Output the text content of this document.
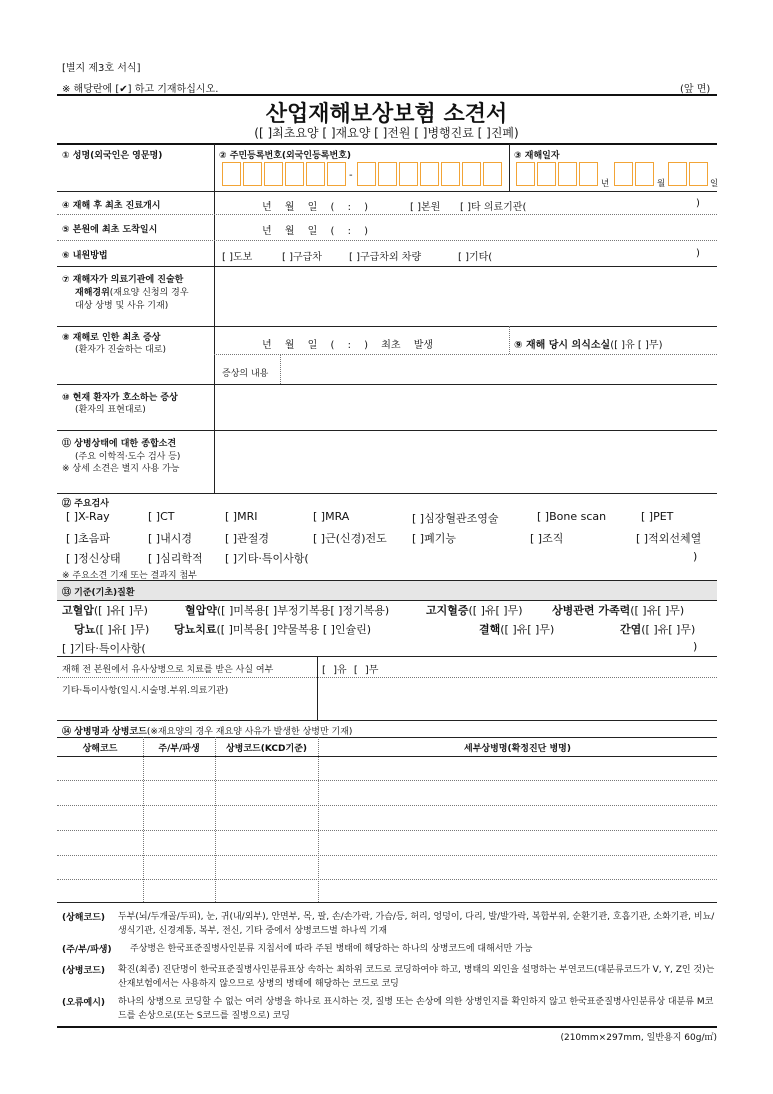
[별지 제3호 서식]
※ 해당란에 [✔] 하고 기재하십시오.	(앞 면)
산업재해보상보험 소견서
([ ]최초요양 [ ]재요양 [ ]전원 [ ]병행진료 [ ]진폐)
① 성명(외국인은 영문명)	② 주민등록번호(외국인등록번호)	③ 재해일자
-
년	월	일
④ 재해 후 최초 진료개시	년 월 일 ( : )	[ ]본원 [ ]타 의료기관(	)
⑤ 본원에 최초 도착일시	년 월 일 ( : )
⑥ 내원방법	[ ]도보	[ ]구급차	[ ]구급차외 차량	[ ]기타(	)
⑦ 재해자가 의료기관에 진술한
재해경위(재요양 신청의 경우
대상 상병 및 사유 기재)
⑧ 재해로 인한 최초 증상
(환자가 진술하는 대로)	년 월 일 ( : ) 최초 발생	⑨ 재해 당시 의식소실([ ]유 [ ]무)
증상의 내용
⑩ 현재 환자가 호소하는 증상
(환자의 표현대로)
⑪ 상병상태에 대한 종합소견
(주요 이학적·도수 검사 등)
※ 상세 소견은 별지 사용 가능
⑫ 주요검사
[ ]X-Ray	[ ]CT	[ ]MRI	[ ]MRA	[ ]심장혈관조영술	[ ]Bone scan	[ ]PET
[ ]초음파	[ ]내시경	[ ]관절경	[ ]근(신경)전도 [ ]폐기능	[ ]조직	[ ]적외선체열
[ ]정신상태 [ ]심리학적 [ ]기타·특이사항(	)
※ 주요소견 기재 또는 결과지 첨부
⑬ 기준(기초)질환
고혈압 ([ ]유[ ]무)	혈압약 ([ ]미복용[ ]부정기복용[ ]정기복용)	고지혈증 ([ ]유[ ]무)	상병관련 가족력 ([ ]유[ ]무)
당뇨 ([ ]유[ ]무) 당뇨치료 ([ ]미복용[ ]약물복용 [ ]인슐린)	결핵 ([ ]유[ ]무)	간염 ([ ]유[ ]무)
[ ]기타·특이사항(	)
재해 전 본원에서 유사상병으로 치료를 받은 사실 여부	[ ]유 [ ]무
기타·특이사항(일시.시술명.부위.의료기관)
⑭ 상병명과 상병코드(※재요양의 경우 재요양 사유가 발생한 상병만 기재)
상해코드	주/부/파생	상병코드(KCD기준)	세부상병명(확정진단 병명)
(상해코드) 두부(뇌/두개골/두피), 눈, 귀(내/외부), 안면부, 목, 팔, 손/손가락, 가슴/등, 허리, 엉덩이, 다리, 발/발가락, 복합부위, 순환기관, 호흡기관, 소화기관, 비뇨/생식기관, 신경계통, 복부, 전신, 기타 중에서 상병코드별 하나씩 기재
(주/부/파생) 주상병은 한국표준질병사인분류 지침서에 따라 주된 병태에 해당하는 하나의 상병코드에 대해서만 가능
(상병코드) 확진(최종) 진단명이 한국표준질병사인분류표상 속하는 최하위 코드로 코딩하여야 하고, 병태의 외인을 설명하는 부연코드(대분류코드가 V, Y, Z인 것)는 산재보험에서는 사용하지 않으므로 상병의 병태에 해당하는 코드로 코딩
(오류예시) 하나의 상병으로 코딩할 수 없는 여러 상병을 하나로 표시하는 것, 질병 또는 손상에 의한 상병인지를 확인하지 않고 한국표준질병사인분류상 대분류 M코드를 손상으로(또는 S코드를 질병으로) 코딩
(210mm×297mm, 일반용지 60g/㎡)
